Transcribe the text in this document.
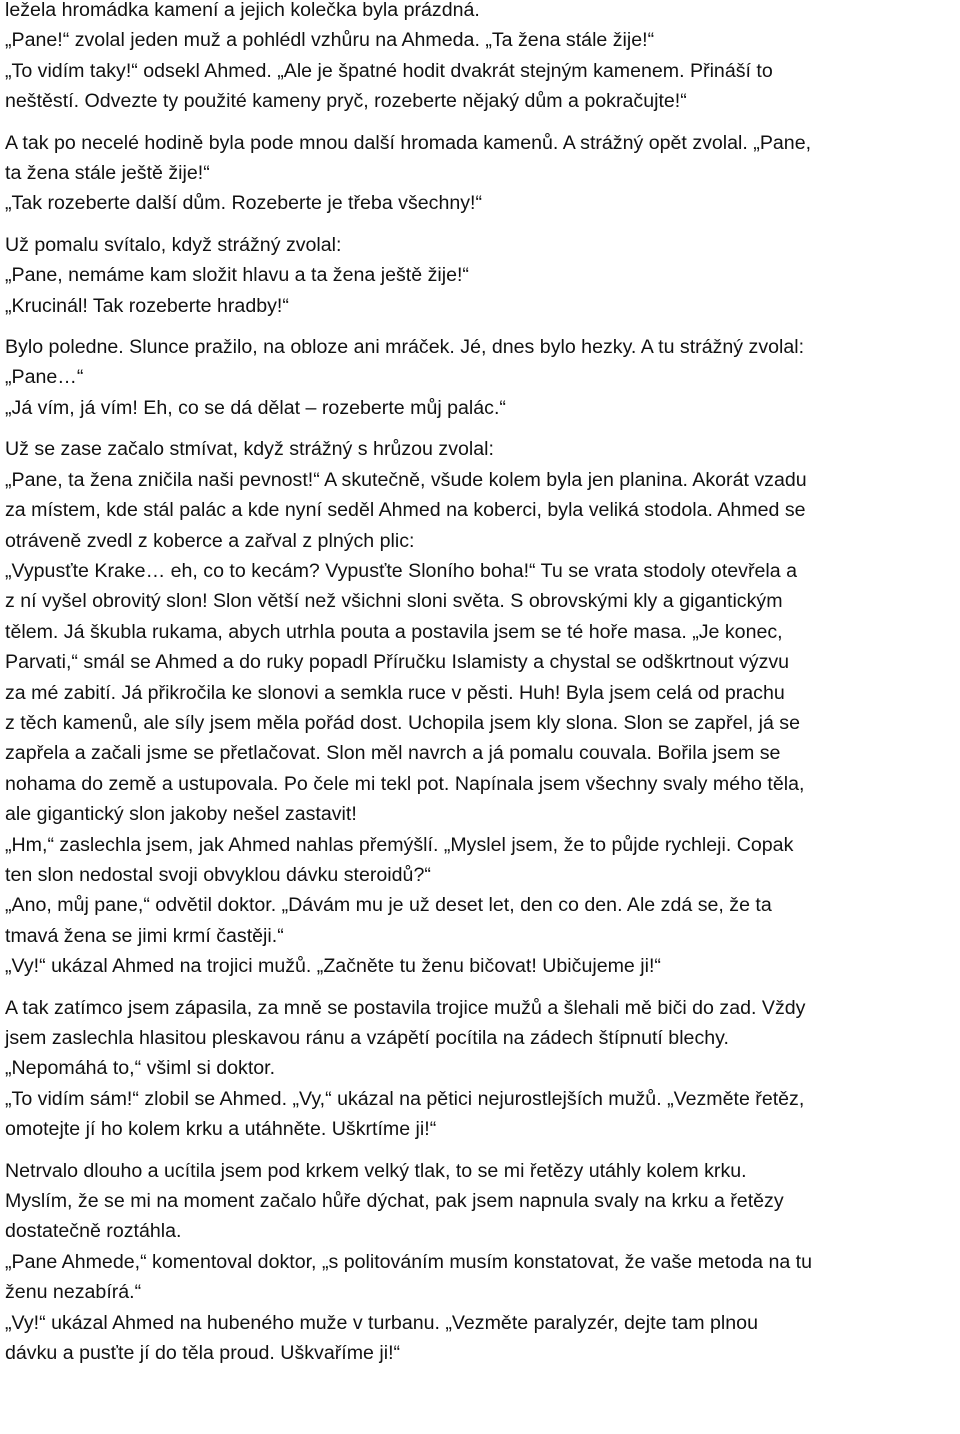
ležela hromádka kamení a jejich kolečka byla prázdná.
„Pane!“ zvolal jeden muž a pohlédl vzhůru na Ahmeda. „Ta žena stále žije!“
„To vidím taky!“ odsekl Ahmed. „Ale je špatné hodit dvakrát stejným kamenem. Přináší to
neštěstí. Odvezte ty použité kameny pryč, rozeberte nějaký dům a pokračujte!“
A tak po necelé hodině byla pode mnou další hromada kamenů. A strážný opět zvolal. „Pane,
ta žena stále ještě žije!“
„Tak rozeberte další dům. Rozeberte je třeba všechny!“
Už pomalu svítalo, když strážný zvolal:
„Pane, nemáme kam složit hlavu a ta žena ještě žije!“
„Krucinál! Tak rozeberte hradby!“
Bylo poledne. Slunce pražilo, na obloze ani mráček. Jé, dnes bylo hezky. A tu strážný zvolal:
„Pane…“
„Já vím, já vím! Eh, co se dá dělat – rozeberte můj palác.“
Už se zase začalo stmívat, když strážný s hrůzou zvolal:
„Pane, ta žena zničila naši pevnost!“ A skutečně, všude kolem byla jen planina. Akorát vzadu
za místem, kde stál palác a kde nyní seděl Ahmed na koberci, byla veliká stodola. Ahmed se
otráveně zvedl z koberce a zařval z plných plic:
„Vypusťte Krake… eh, co to kecám? Vypusťte Sloního boha!“ Tu se vrata stodoly otevřela a
z ní vyšel obrovitý slon! Slon větší než všichni sloni světa. S obrovskými kly a gigantickým
tělem. Já škubla rukama, abych utrhla pouta a postavila jsem se té hoře masa. „Je konec,
Parvati,“ smál se Ahmed a do ruky popadl Příručku Islamisty a chystal se odškrtnout výzvu
za mé zabití. Já přikročila ke slonovi a semkla ruce v pěsti. Huh! Byla jsem celá od prachu
z těch kamenů, ale síly jsem měla pořád dost. Uchopila jsem kly slona. Slon se zapřel, já se
zapřela a začali jsme se přetlačovat. Slon měl navrch a já pomalu couvala. Bořila jsem se
nohama do země a ustupovala. Po čele mi tekl pot. Napínala jsem všechny svaly mého těla,
ale gigantický slon jakoby nešel zastavit!
„Hm,“ zaslechla jsem, jak Ahmed nahlas přemýšlí. „Myslel jsem, že to půjde rychleji. Copak
ten slon nedostal svoji obvyklou dávku steroidů?“
„Ano, můj pane,“ odvětil doktor. „Dávám mu je už deset let, den co den. Ale zdá se, že ta
tmavá žena se jimi krmí častěji.“
„Vy!“ ukázal Ahmed na trojici mužů. „Začněte tu ženu bičovat! Ubičujeme ji!“
A tak zatímco jsem zápasila, za mně se postavila trojice mužů a šlehali mě biči do zad. Vždy
jsem zaslechla hlasitou pleskavou ránu a vzápětí pocítila na zádech štípnutí blechy.
„Nepomáhá to,“ všiml si doktor.
„To vidím sám!“ zlobil se Ahmed. „Vy,“ ukázal na pětici nejurostlejších mužů. „Vezměte řetěz,
omotejte jí ho kolem krku a utáhněte. Uškrtíme ji!“
Netrvalo dlouho a ucítila jsem pod krkem velký tlak, to se mi řetězy utáhly kolem krku.
Myslím, že se mi na moment začalo hůře dýchat, pak jsem napnula svaly na krku a řetězy
dostatečně roztáhla.
„Pane Ahmede,“ komentoval doktor, „s politováním musím konstatovat, že vaše metoda na tu
ženu nezabírá.“
„Vy!“ ukázal Ahmed na hubeného muže v turbanu. „Vezměte paralyzér, dejte tam plnou
dávku a pusťte jí do těla proud. Uškvaříme ji!“
